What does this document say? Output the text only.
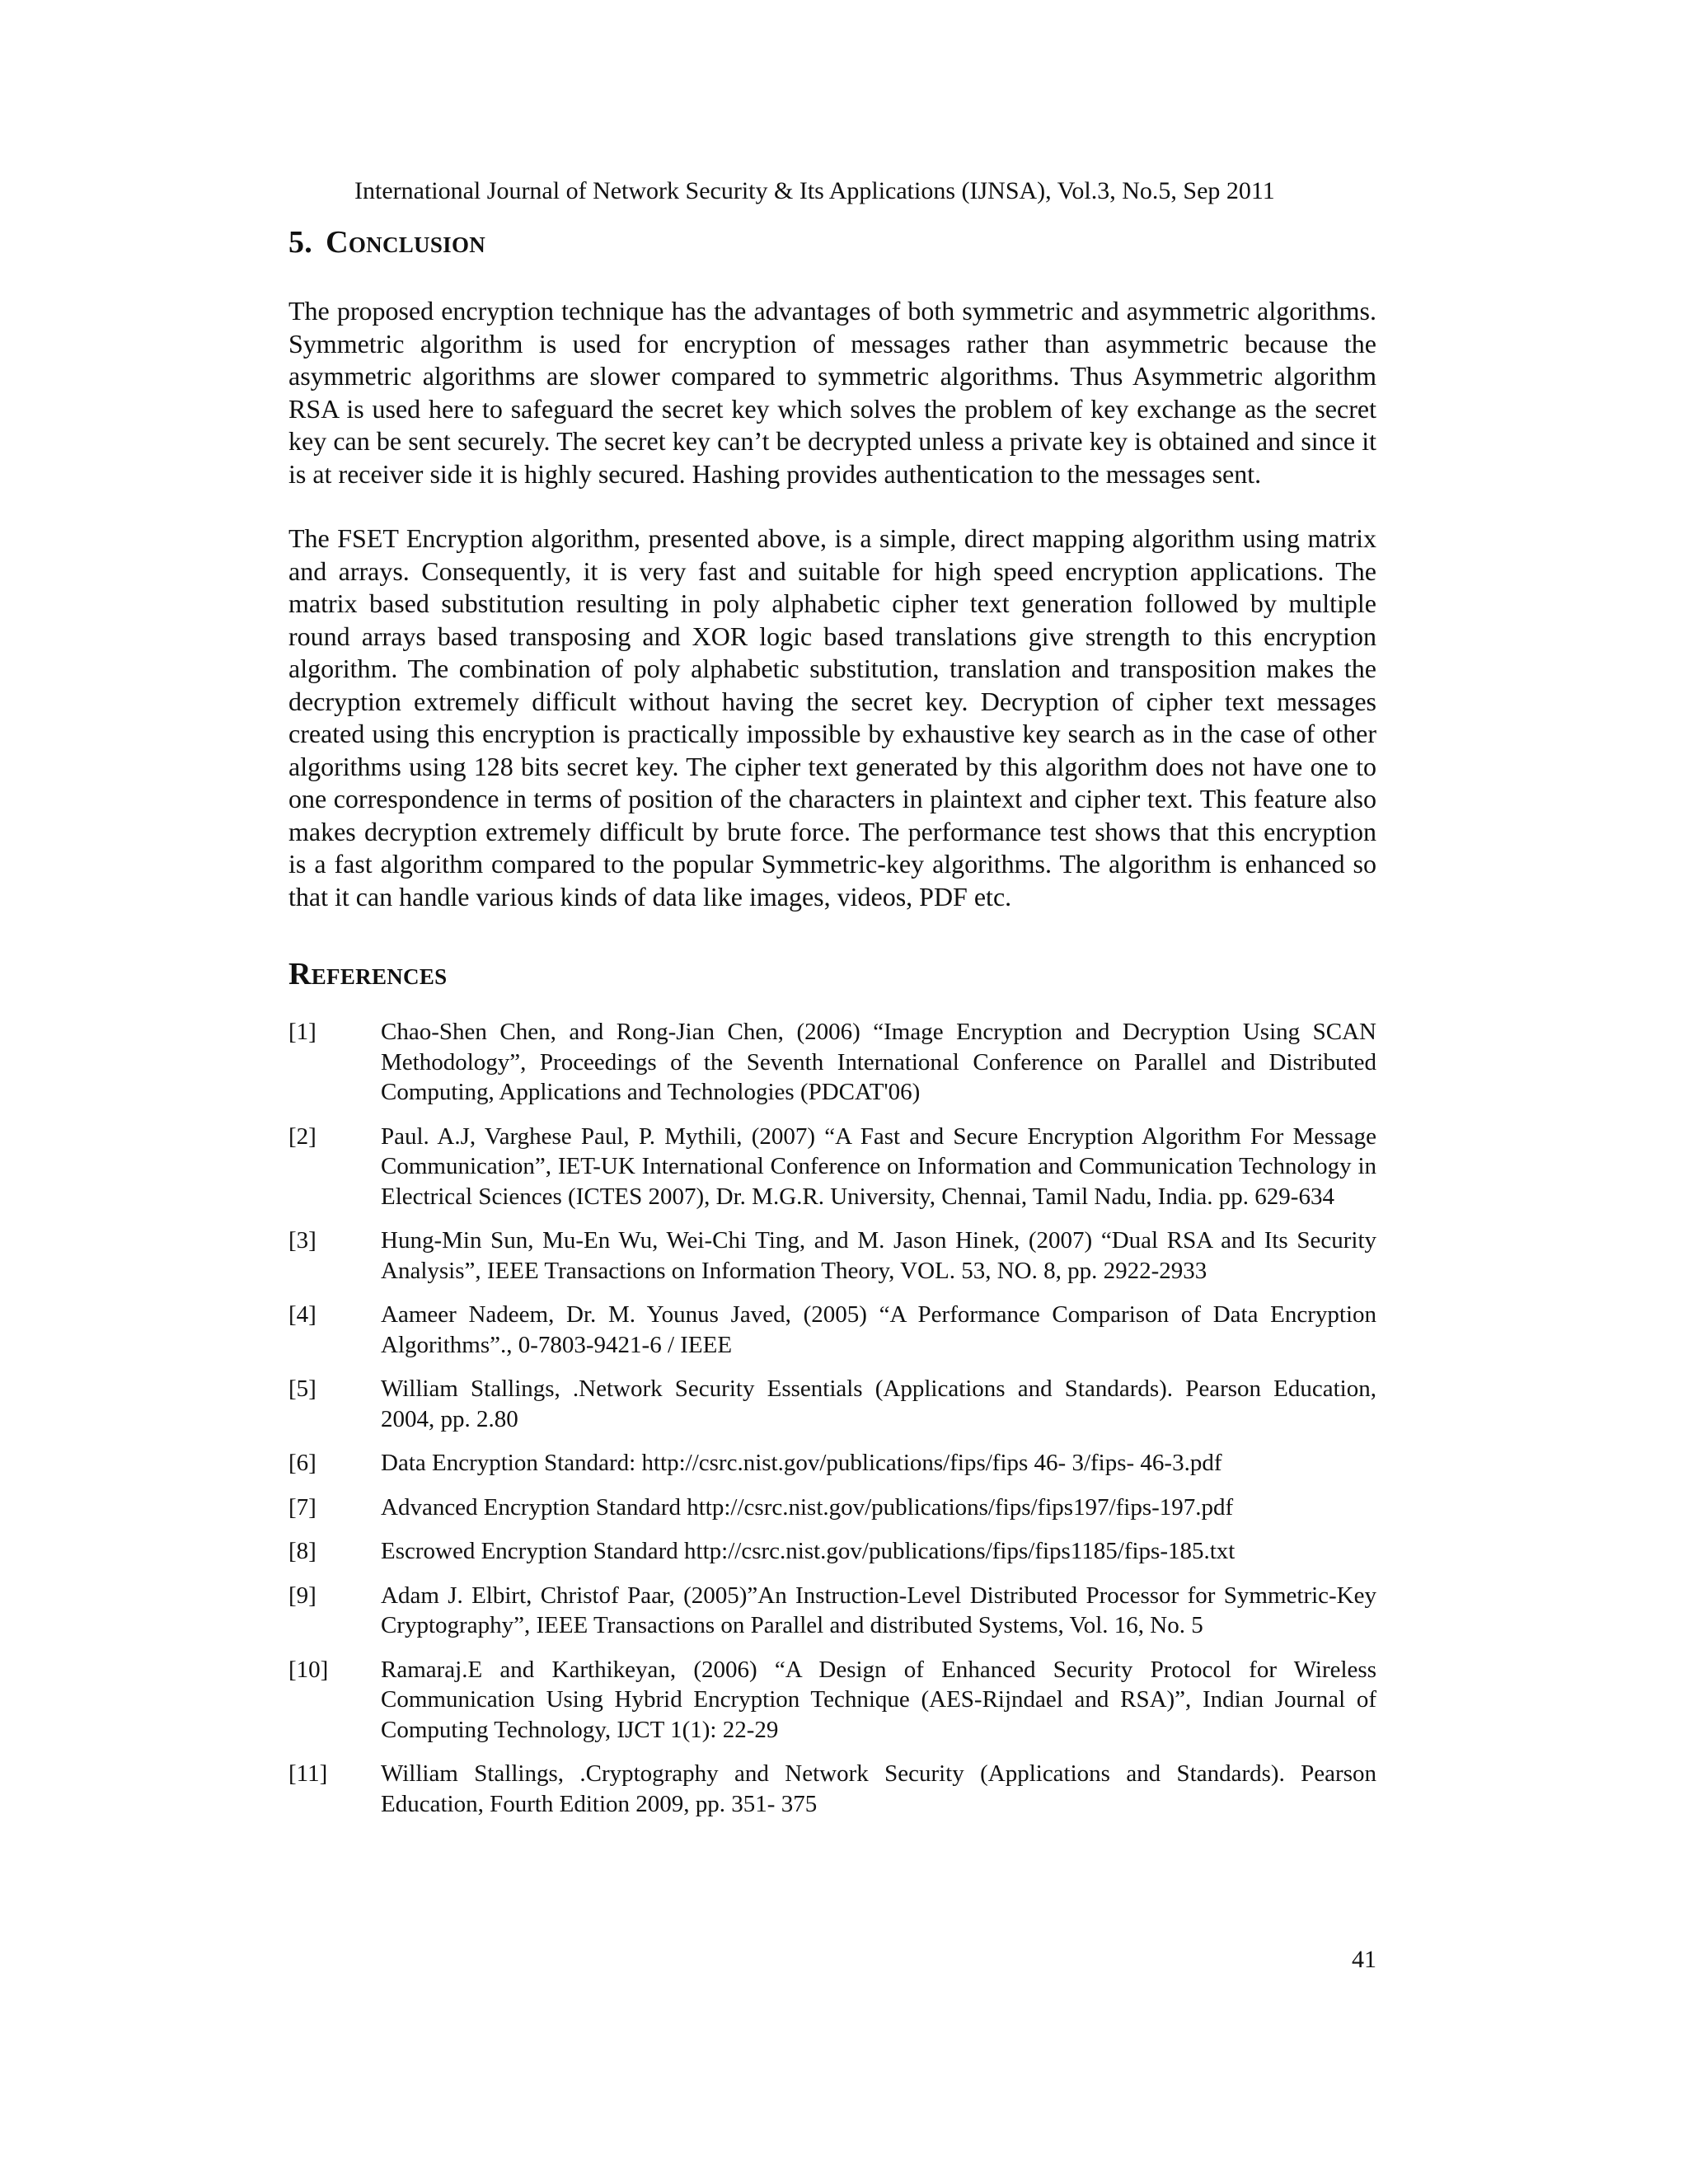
International Journal of Network Security & Its Applications (IJNSA), Vol.3, No.5, Sep 2011
5. Conclusion

The proposed encryption technique has the advantages of both symmetric and asymmetric algorithms. Symmetric algorithm is used for encryption of messages rather than asymmetric because the asymmetric algorithms are slower compared to symmetric algorithms. Thus Asymmetric algorithm RSA is used here to safeguard the secret key which solves the problem of key exchange as the secret key can be sent securely. The secret key can’t be decrypted unless a private key is obtained and since it is at receiver side it is highly secured. Hashing provides authentication to the messages sent.

The FSET Encryption algorithm, presented above, is a simple, direct mapping algorithm using matrix and arrays. Consequently, it is very fast and suitable for high speed encryption applications. The matrix based substitution resulting in poly alphabetic cipher text generation followed by multiple round arrays based transposing and XOR logic based translations give strength to this encryption algorithm. The combination of poly alphabetic substitution, translation and transposition makes the decryption extremely difficult without having the secret key. Decryption of cipher text messages created using this encryption is practically impossible by exhaustive key search as in the case of other algorithms using 128 bits secret key. The cipher text generated by this algorithm does not have one to one correspondence in terms of position of the characters in plaintext and cipher text. This feature also makes decryption extremely difficult by brute force. The performance test shows that this encryption is a fast algorithm compared to the popular Symmetric-key algorithms. The algorithm is enhanced so that it can handle various kinds of data like images, videos, PDF etc.

References
[1]	Chao-Shen Chen, and Rong-Jian Chen, (2006) “Image Encryption and Decryption Using SCAN Methodology”, Proceedings of the Seventh International Conference on Parallel and Distributed Computing, Applications and Technologies (PDCAT'06)
[2]	Paul. A.J, Varghese Paul, P. Mythili, (2007) “A Fast and Secure Encryption Algorithm For Message Communication”, IET-UK International Conference on Information and Communication Technology in Electrical Sciences (ICTES 2007), Dr. M.G.R. University, Chennai, Tamil Nadu, India. pp. 629-634
[3]	Hung-Min Sun, Mu-En Wu, Wei-Chi Ting, and M. Jason Hinek, (2007) “Dual RSA and Its Security Analysis”, IEEE Transactions on Information Theory, VOL. 53, NO. 8, pp. 2922-2933
[4]	Aameer Nadeem, Dr. M. Younus Javed, (2005) “A Performance Comparison of Data Encryption Algorithms”., 0-7803-9421-6 / IEEE
[5]	William Stallings, .Network Security Essentials (Applications and Standards). Pearson Education, 2004, pp. 2.80
[6]	Data Encryption Standard: http://csrc.nist.gov/publications/fips/fips 46- 3/fips- 46-3.pdf
[7]	Advanced Encryption Standard http://csrc.nist.gov/publications/fips/fips197/fips-197.pdf
[8]	Escrowed Encryption Standard http://csrc.nist.gov/publications/fips/fips1185/fips-185.txt
[9]	Adam J. Elbirt, Christof Paar, (2005)”An Instruction-Level Distributed Processor for Symmetric-Key Cryptography”, IEEE Transactions on Parallel and distributed Systems, Vol. 16, No. 5
[10]	Ramaraj.E and Karthikeyan, (2006) “A Design of Enhanced Security Protocol for Wireless Communication Using Hybrid Encryption Technique (AES-Rijndael and RSA)”, Indian Journal of Computing Technology, IJCT 1(1): 22-29
[11]	William Stallings, .Cryptography and Network Security (Applications and Standards). Pearson Education, Fourth Edition 2009, pp. 351- 375
41
